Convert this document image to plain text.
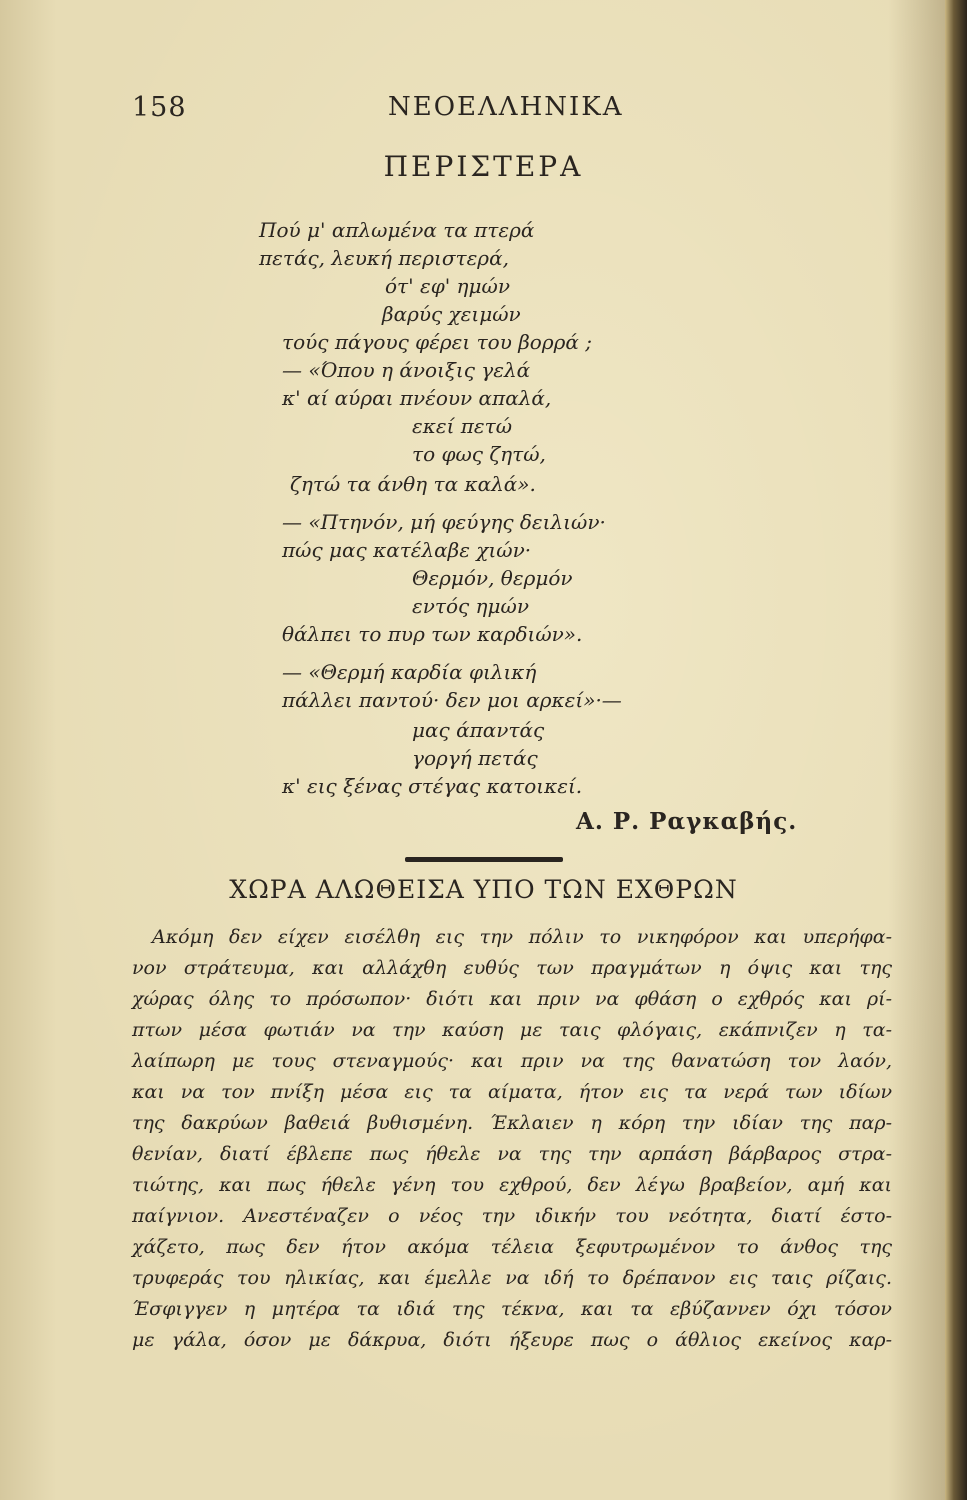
158	ΝΕΟΕΛΛΗΝΙΚΑ
ΠΕΡΙΣΤΕΡΑ
Πού μ' απλωμένα τα πτερά
πετάς, λευκή περιστερά,
ότ' εφ' ημών
βαρύς χειμών
τούς πάγους φέρει του βορρά ;
— «Όπου η άνοιξις γελά
κ' αί αύραι πνέουν απαλά,
εκεί πετώ
το φως ζητώ,
ζητώ τα άνθη τα καλά».
— «Πτηνόν, μή φεύγης δειλιών·
πώς μας κατέλαβε χιών·
Θερμόν, θερμόν
εντός ημών
θάλπει το πυρ των καρδιών».
— «Θερμή καρδία φιλική
πάλλει παντού· δεν μοι αρκεί»·—
μας άπαντάς
γοργή πετάς
κ' εις ξένας στέγας κατοικεί.
Α. Ρ. Ραγκαβής.
ΧΩΡΑ ΑΛΩΘΕΙΣΑ ΥΠΟ ΤΩΝ ΕΧΘΡΩΝ
Ακόμη δεν είχεν εισέλθη εις την πόλιν το νικηφόρον και υπερήφα-
νον στράτευμα, και αλλάχθη ευθύς των πραγμάτων η όψις και της
χώρας όλης το πρόσωπον· διότι και πριν να φθάση ο εχθρός και ρί-
πτων μέσα φωτιάν να την καύση με ταις φλόγαις, εκάπνιζεν η τα-
λαίπωρη με τους στεναγμούς· και πριν να της θανατώση τον λαόν,
και να τον πνίξη μέσα εις τα αίματα, ήτον εις τα νερά των ιδίων
της δακρύων βαθειά βυθισμένη. Έκλαιεν η κόρη την ιδίαν της παρ-
θενίαν, διατί έβλεπε πως ήθελε να της την αρπάση βάρβαρος στρα-
τιώτης, και πως ήθελε γένη του εχθρού, δεν λέγω βραβείον, αμή και
παίγνιον. Ανεστέναζεν ο νέος την ιδικήν του νεότητα, διατί έστο-
χάζετο, πως δεν ήτον ακόμα τέλεια ξεφυτρωμένον το άνθος της
τρυφεράς του ηλικίας, και έμελλε να ιδή το δρέπανον εις ταις ρίζαις.
Έσφιγγεν η μητέρα τα ιδιά της τέκνα, και τα εβύζαννεν όχι τόσον
με γάλα, όσον με δάκρυα, διότι ήξευρε πως ο άθλιος εκείνος καρ-
